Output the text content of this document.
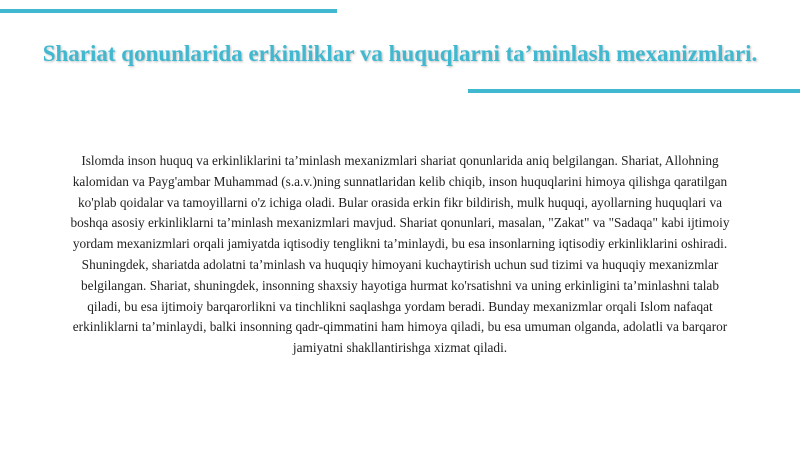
Shariat qonunlarida erkinliklar va huquqlarni ta’minlash mexanizmlari.

Islomda inson huquq va erkinliklarini ta’minlash mexanizmlari shariat qonunlarida aniq belgilangan. Shariat, Allohning kalomidan va Payg'ambar Muhammad (s.a.v.)ning sunnatlaridan kelib chiqib, inson huquqlarini himoya qilishga qaratilgan ko'plab qoidalar va tamoyillarni o'z ichiga oladi. Bular orasida erkin fikr bildirish, mulk huquqi, ayollarning huquqlari va boshqa asosiy erkinliklarni ta’minlash mexanizmlari mavjud. Shariat qonunlari, masalan, "Zakat" va "Sadaqa" kabi ijtimoiy yordam mexanizmlari orqali jamiyatda iqtisodiy tenglikni ta’minlaydi, bu esa insonlarning iqtisodiy erkinliklarini oshiradi. Shuningdek, shariatda adolatni ta’minlash va huquqiy himoyani kuchaytirish uchun sud tizimi va huquqiy mexanizmlar belgilangan. Shariat, shuningdek, insonning shaxsiy hayotiga hurmat ko'rsatishni va uning erkinligini ta’minlashni talab qiladi, bu esa ijtimoiy barqarorlikni va tinchlikni saqlashga yordam beradi. Bunday mexanizmlar orqali Islom nafaqat erkinliklarni ta’minlaydi, balki insonning qadr-qimmatini ham himoya qiladi, bu esa umuman olganda, adolatli va barqaror jamiyatni shakllantirishga xizmat qiladi.
